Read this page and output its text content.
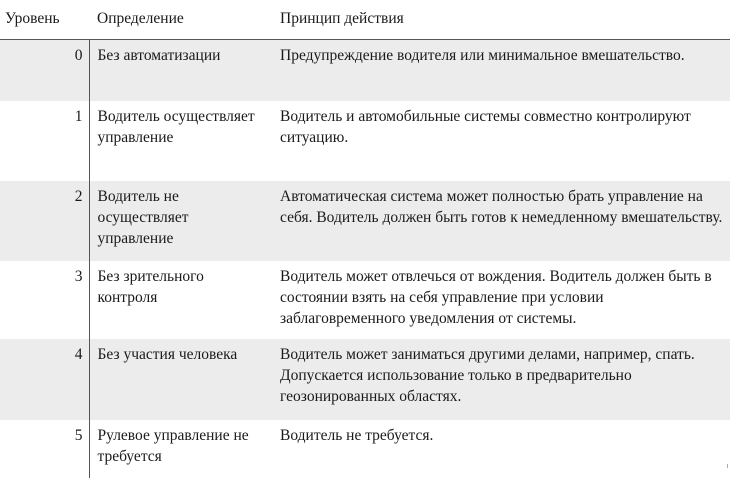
Уровень	Определение	Принцип действия
0	Без автоматизации	Предупреждение водителя или минимальное вмешательство.
1	Водитель осуществляет управление	Водитель и автомобильные системы совместно контролируют ситуацию.
2	Водитель не осуществляет управление	Автоматическая система может полностью брать управление на себя. Водитель должен быть готов к немедленному вмешательству.
3	Без зрительного контроля	Водитель может отвлечься от вождения. Водитель должен быть в состоянии взять на себя управление при условии заблаговременного уведомления от системы.
4	Без участия человека	Водитель может заниматься другими делами, например, спать. Допускается использование только в предварительно геозонированных областях.
5	Рулевое управление не требуется	Водитель не требуется.
